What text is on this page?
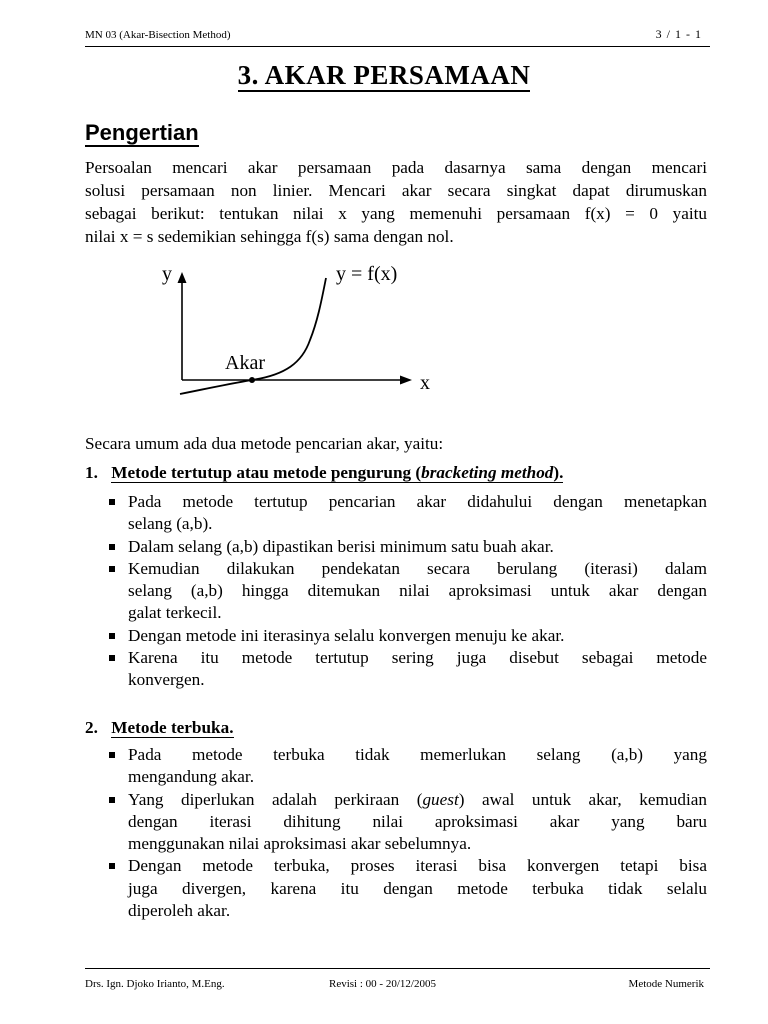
MN 03 (Akar-Bisection Method)	3 / 1 - 1
3. AKAR PERSAMAAN
Pengertian
Persoalan mencari akar persamaan pada dasarnya sama dengan mencari
solusi persamaan non linier. Mencari akar secara singkat dapat dirumuskan
sebagai berikut: tentukan nilai x yang memenuhi persamaan f(x) = 0 yaitu
nilai x = s sedemikian sehingga f(s) sama dengan nol.
y
x
y = f(x)
Akar
Secara umum ada dua metode pencarian akar, yaitu:
1. Metode tertutup atau metode pengurung (bracketing method).
Pada metode tertutup pencarian akar didahului dengan menetapkan
selang (a,b).
Dalam selang (a,b) dipastikan berisi minimum satu buah akar.
Kemudian dilakukan pendekatan secara berulang (iterasi) dalam
selang (a,b) hingga ditemukan nilai aproksimasi untuk akar dengan
galat terkecil.
Dengan metode ini iterasinya selalu konvergen menuju ke akar.
Karena itu metode tertutup sering juga disebut sebagai metode
konvergen.
2. Metode terbuka.
Pada metode terbuka tidak memerlukan selang (a,b) yang
mengandung akar.
Yang diperlukan adalah perkiraan (guest) awal untuk akar, kemudian
dengan iterasi dihitung nilai aproksimasi akar yang baru
menggunakan nilai aproksimasi akar sebelumnya.
Dengan metode terbuka, proses iterasi bisa konvergen tetapi bisa
juga divergen, karena itu dengan metode terbuka tidak selalu
diperoleh akar.
Drs. Ign. Djoko Irianto, M.Eng.	Revisi : 00 - 20/12/2005	Metode Numerik
